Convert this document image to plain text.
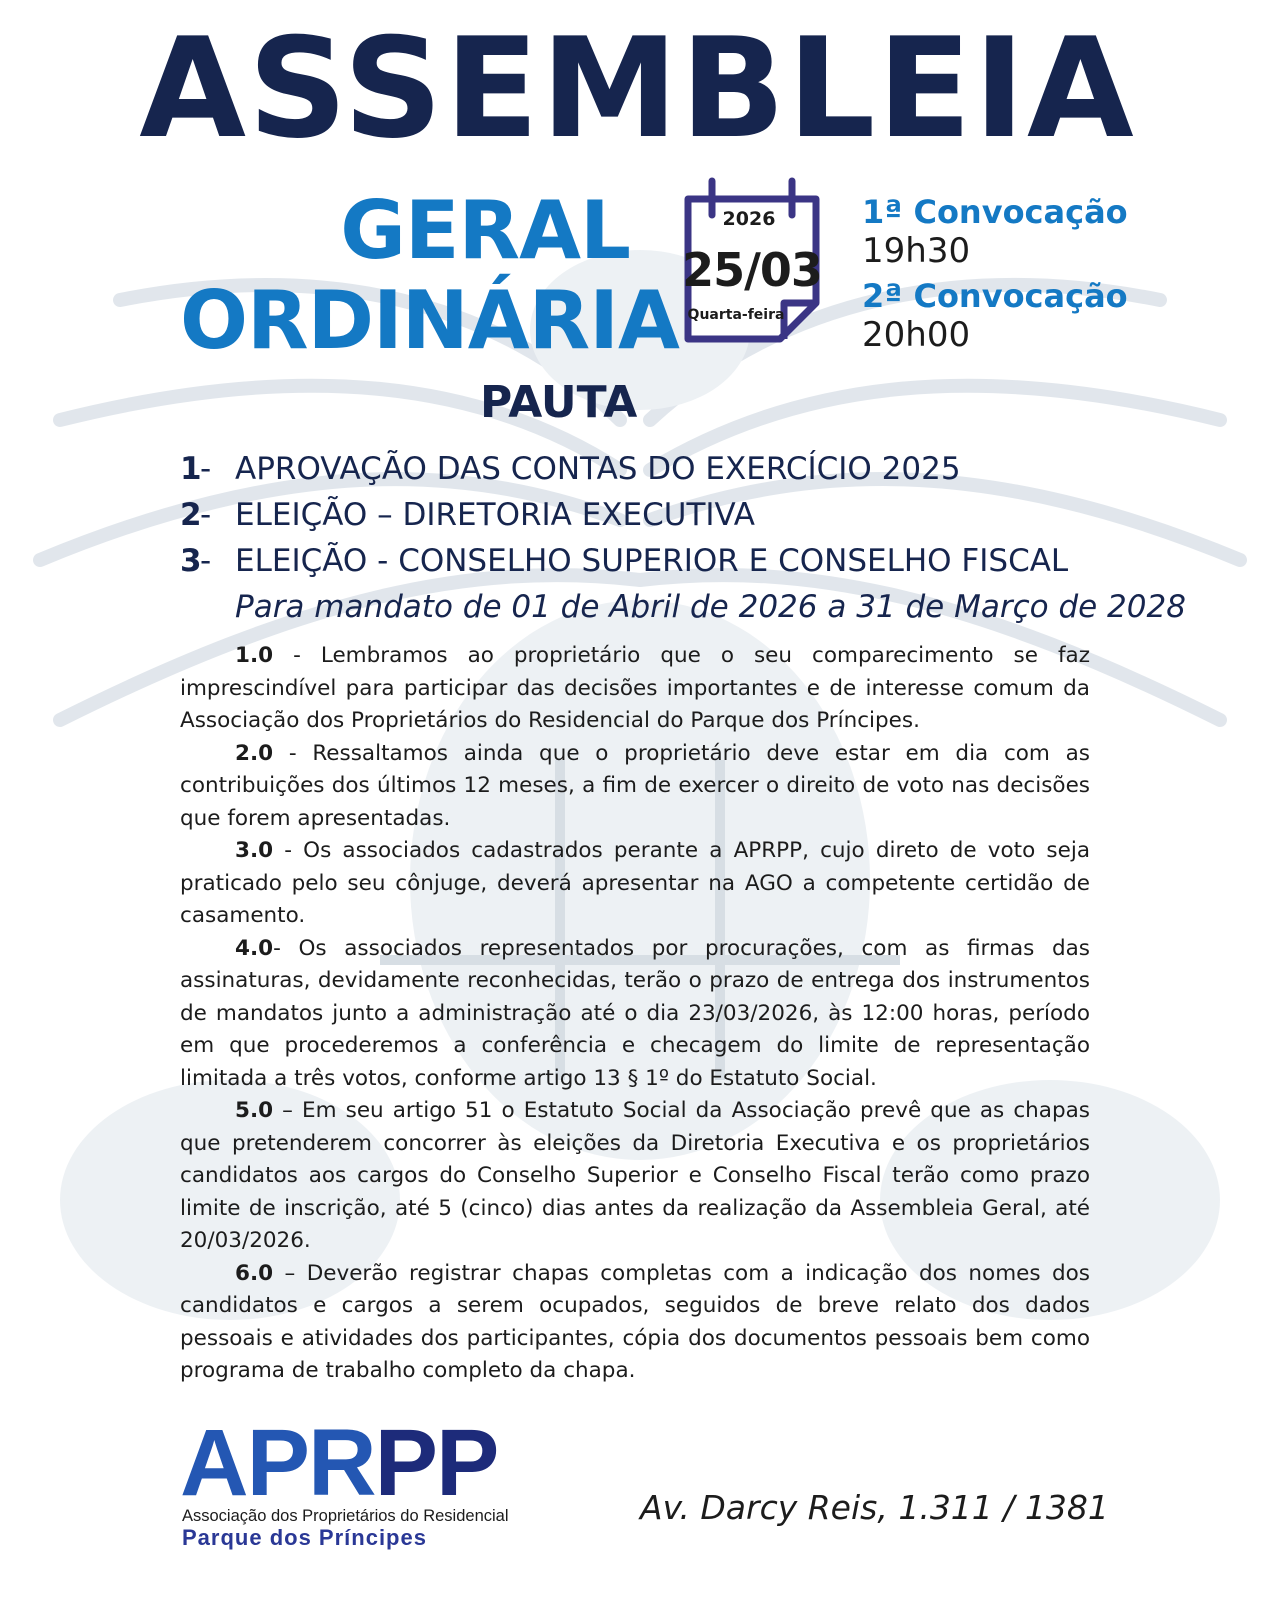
ASSEMBLEIA
GERAL
ORDINÁRIA
2026
25/03
Quarta-feira
1ª Convocação
19h30
2ª Convocação
20h00
PAUTA
1
- APROVAÇÃO DAS CONTAS DO EXERCÍCIO 2025
2
- ELEIÇÃO – DIRETORIA EXECUTIVA
3
- ELEIÇÃO - CONSELHO SUPERIOR E CONSELHO FISCAL
Para mandato de 01 de Abril de 2026 a 31 de Março de 2028

1.0 - Lembramos ao proprietário que o seu comparecimento se faz imprescindível para participar das decisões importantes e de interesse comum da Associação dos Proprietários do Residencial do Parque dos Príncipes.

2.0 - Ressaltamos ainda que o proprietário deve estar em dia com as contribuições dos últimos 12 meses, a fim de exercer o direito de voto nas decisões que forem apresentadas.

3.0 - Os associados cadastrados perante a APRPP, cujo direto de voto seja praticado pelo seu cônjuge, deverá apresentar na AGO a competente certidão de casamento.

4.0- Os associados representados por procurações, com as firmas das assinaturas, devidamente reconhecidas, terão o prazo de entrega dos instrumentos de mandatos junto a administração até o dia 23/03/2026, às 12:00 horas, período em que procederemos a conferência e checagem do limite de representação limitada a três votos, conforme artigo 13 § 1º do Estatuto Social.

5.0 – Em seu artigo 51 o Estatuto Social da Associação prevê que as chapas que pretenderem concorrer às eleições da Diretoria Executiva e os proprietários candidatos aos cargos do Conselho Superior e Conselho Fiscal terão como prazo limite de inscrição, até 5 (cinco) dias antes da realização da Assembleia Geral, até 20/03/2026.

6.0 – Deverão registrar chapas completas com a indicação dos nomes dos candidatos e cargos a serem ocupados, seguidos de breve relato dos dados pessoais e atividades dos participantes, cópia dos documentos pessoais bem como programa de trabalho completo da chapa.

APRPP
Associação dos Proprietários do Residencial
Parque dos Príncipes
Av. Darcy Reis, 1.311 / 1381
